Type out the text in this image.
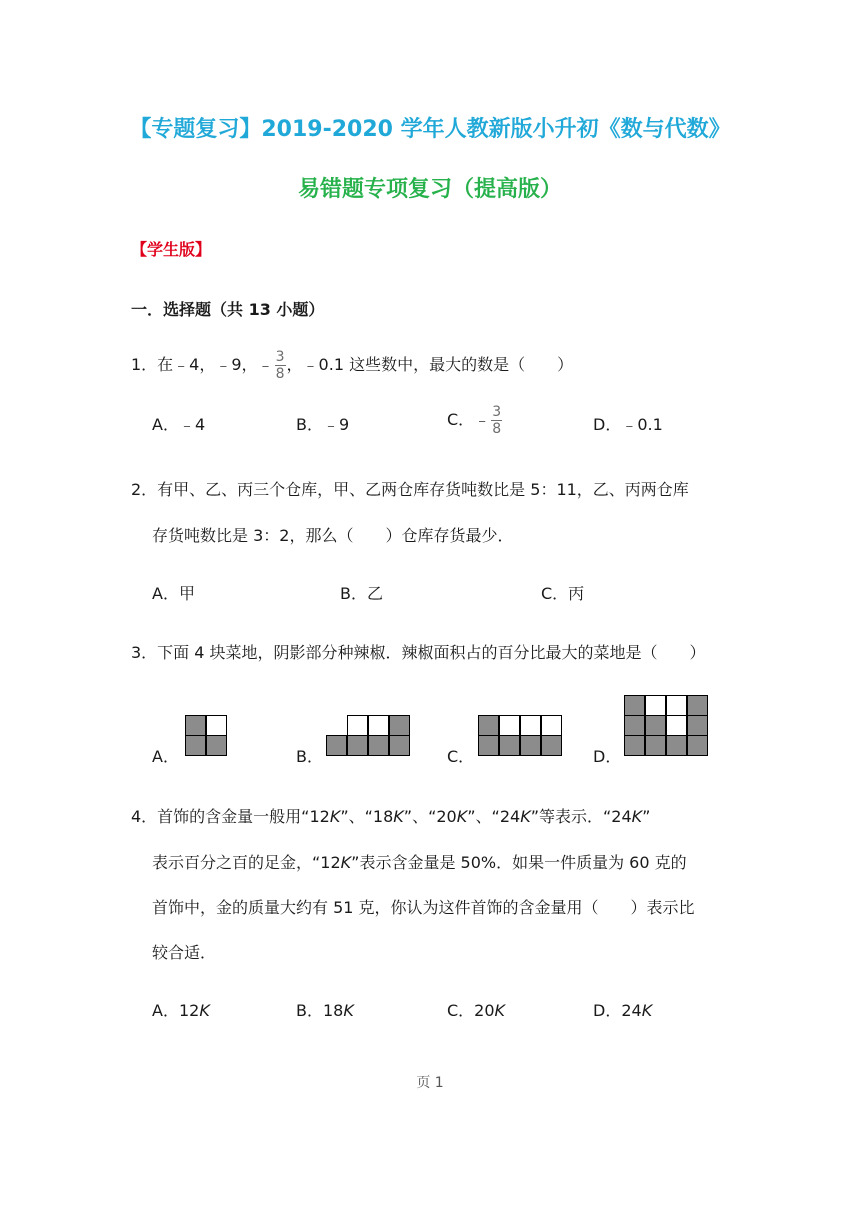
【专题复习】2019-2020 学年人教新版小升初《数与代数》
易错题专项复习（提高版）
【学生版】
一．选择题（共 13 小题）
1．在﹣4，﹣9，﹣ $\frac{3}{8}$ ，﹣0.1 这些数中，最大的数是（　　）
A．﹣4	B．﹣9	C．﹣ $\frac{3}{8}$	D．﹣0.1
2．有甲、乙、丙三个仓库，甲、乙两仓库存货吨数比是 5：11，乙、丙两仓库
存货吨数比是 3：2，那么（　　）仓库存货最少．
A．甲	B．乙	C．丙
3．下面 4 块菜地，阴影部分种辣椒．辣椒面积占的百分比最大的菜地是（　　）
A．	B．	C．	D．
4．首饰的含金量一般用“12K”、“18K”、“20K”、“24K”等表示．“24K”
表示百分之百的足金，“12K”表示含金量是 50%．如果一件质量为 60 克的
首饰中，金的质量大约有 51 克，你认为这件首饰的含金量用（　　）表示比
较合适．
A．12K	B．18K	C．20K	D．24K
页 1
